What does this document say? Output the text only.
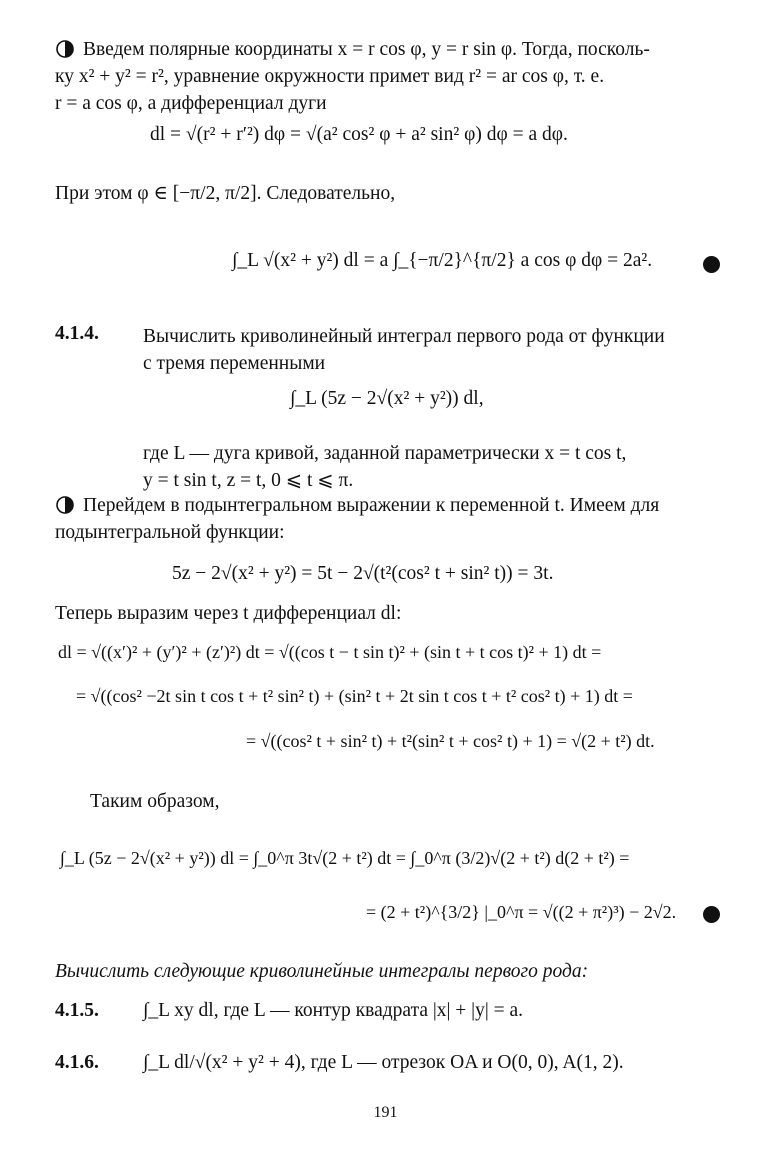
Введем полярные координаты x = r cos φ, y = r sin φ. Тогда, посколь-
ку x² + y² = r², уравнение окружности примет вид r² = ar cos φ, т. е.
r = a cos φ, а дифференциал дуги
dl = √(r² + r′²) dφ = √(a² cos² φ + a² sin² φ) dφ = a dφ.
При этом φ ∈ [−π/2, π/2]. Следовательно,
∫_L √(x² + y²) dl = a ∫_{−π/2}^{π/2} a cos φ dφ = 2a².
4.1.4. Вычислить криволинейный интеграл первого рода от функции
с тремя переменными
∫_L (5z − 2√(x² + y²)) dl,
где L — дуга кривой, заданной параметрически x = t cos t,
y = t sin t, z = t, 0 ⩽ t ⩽ π.
Перейдем в подынтегральном выражении к переменной t. Имеем для
подынтегральной функции:
5z − 2√(x² + y²) = 5t − 2√(t²(cos² t + sin² t)) = 3t.
Теперь выразим через t дифференциал dl:
dl = √((x′)² + (y′)² + (z′)²) dt = √((cos t − t sin t)² + (sin t + t cos t)² + 1) dt =
= √((cos² −2t sin t cos t + t² sin² t) + (sin² t + 2t sin t cos t + t² cos² t) + 1) dt =
= √((cos² t + sin² t) + t²(sin² t + cos² t) + 1) = √(2 + t²) dt.
Таким образом,
∫_L (5z − 2√(x² + y²)) dl = ∫_0^π 3t√(2 + t²) dt = ∫_0^π (3/2)√(2 + t²) d(2 + t²) =
= (2 + t²)^{3/2} |_0^π = √((2 + π²)³) − 2√2.
Вычислить следующие криволинейные интегралы первого рода:
4.1.5. ∫_L xy dl, где L — контур квадрата |x| + |y| = a.
4.1.6. ∫_L dl/√(x² + y² + 4), где L — отрезок OA и O(0, 0), A(1, 2).
191
